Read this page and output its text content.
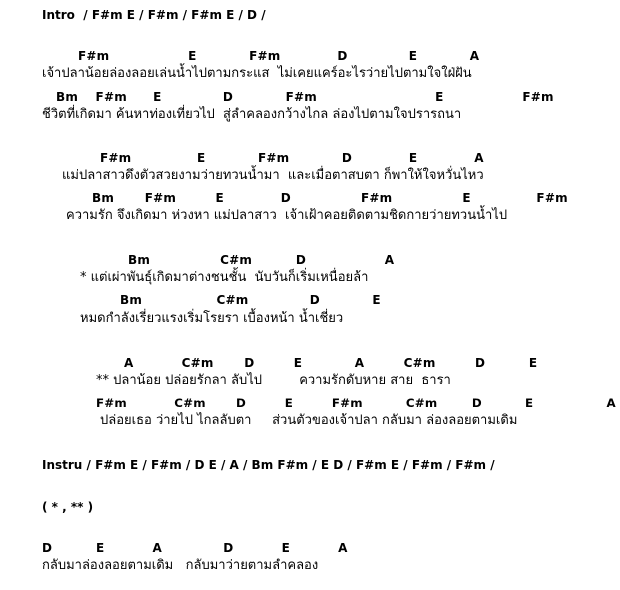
Intro  / F#m E / F#m / F#m E / D /
F#m                  E            F#m             D              E            A
เจ้าปลาน้อยล่องลอยเล่นน้ำไปตามกระแส  ไม่เคยแคร์อะไรว่ายไปตามใจใฝ่ฝัน
Bm    F#m      E              D            F#m                           E                  F#m
ชีวิตที่เกิดมา ค้นหาท่องเที่ยวไป  สู่ลำคลองกว้างไกล ล่องไปตามใจปรารถนา
F#m               E            F#m            D             E             A
แม่ปลาสาวดึงตัวสวยงามว่ายทวนน้ำมา  และเมื่อตาสบตา ก็พาให้ใจหวั่นไหว
Bm       F#m         E             D                F#m                E               F#m
ความรัก จึงเกิดมา ห่วงหา แม่ปลาสาว  เจ้าเฝ้าคอยติดตามชิดกายว่ายทวนน้ำไป
Bm                C#m          D                  A
* แต่เผ่าพันธุ์เกิดมาต่างชนชั้น  นับวันก็เริ่มเหนื่อยล้า
Bm                 C#m              D            E
หมดกำลังเรี่ยวแรงเริ่มโรยรา เบื้องหน้า น้ำเชี่ยว
A           C#m       D         E            A         C#m         D          E
** ปลาน้อย ปล่อยรักลา ลับไป         ความรักดับหาย สาย  ธารา
F#m           C#m       D         E         F#m          C#m        D          E                 A
ปล่อยเธอ ว่ายไป ไกลลับตา     ส่วนตัวของเจ้าปลา กลับมา ล่องลอยตามเดิม
Instru / F#m E / F#m / D E / A / Bm F#m / E D / F#m E / F#m / F#m /
( * , ** )
D          E           A              D           E           A
กลับมาล่องลอยตามเดิม   กลับมาว่ายตามลำคลอง
